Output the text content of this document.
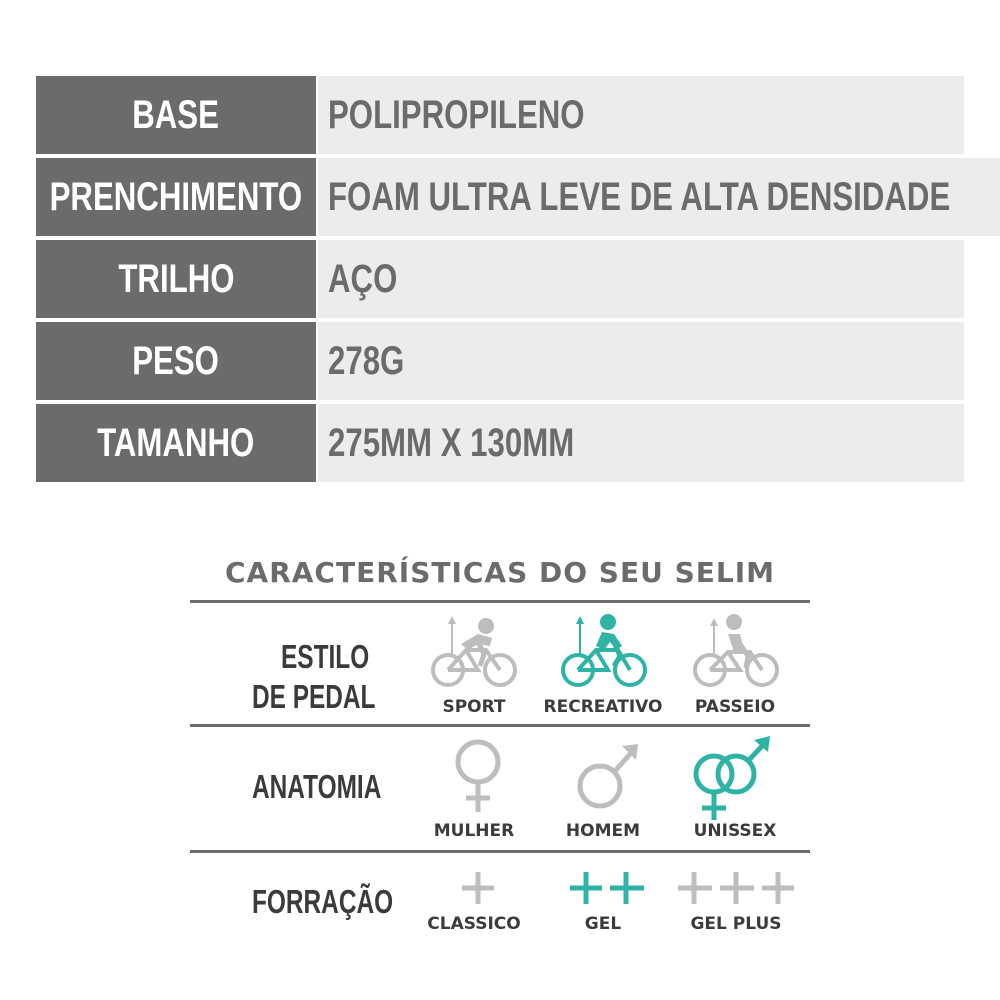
BASE	POLIPROPILENO
PRENCHIMENTO FOAM ULTRA LEVE DE ALTA DENSIDADE
TRILHO AÇO
PESO	278G
TAMANHO 275MM X 130MM
CARACTERÍSTICAS DO SEU SELIM
ESTILO
DE PEDAL	SPORT	RECREATIVO	PASSEIO
ANATOMIA
MULHER	HOMEM	UNISSEX
FORRAÇÃO
CLASSICO	GEL	GEL PLUS
